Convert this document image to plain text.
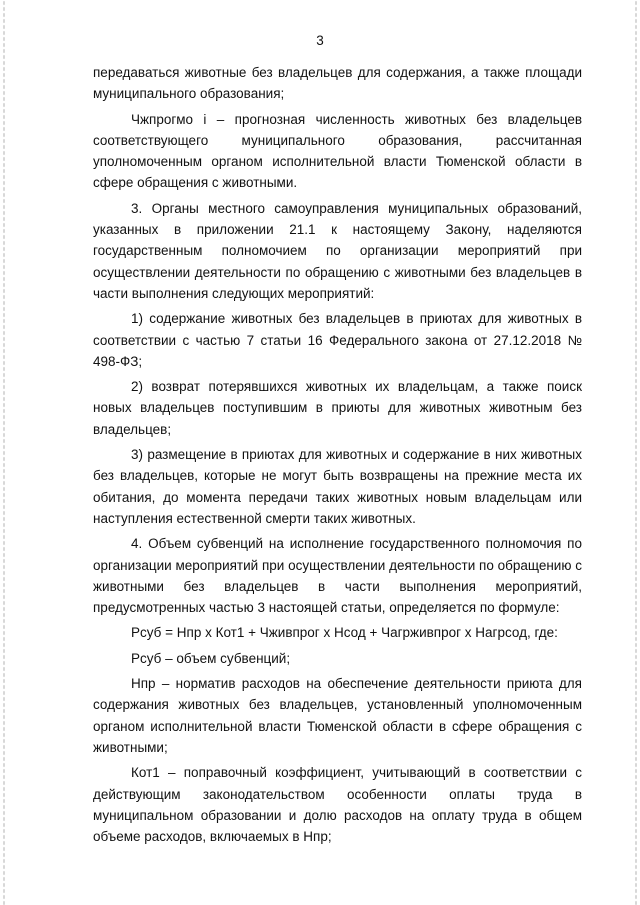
3

передаваться животные без владельцев для содержания, а также площади муниципального образования;

Чжпрогмо i – прогнозная численность животных без владельцев соответствующего муниципального образования, рассчитанная уполномоченным органом исполнительной власти Тюменской области в сфере обращения с животными.

3. Органы местного самоуправления муниципальных образований, указанных в приложении 21.1 к настоящему Закону, наделяются государственным полномочием по организации мероприятий при осуществлении деятельности по обращению с животными без владельцев в части выполнения следующих мероприятий:

1) содержание животных без владельцев в приютах для животных в соответствии с частью 7 статьи 16 Федерального закона от 27.12.2018 № 498-ФЗ;

2) возврат потерявшихся животных их владельцам, а также поиск новых владельцев поступившим в приюты для животных животным без владельцев;

3) размещение в приютах для животных и содержание в них животных без владельцев, которые не могут быть возвращены на прежние места их обитания, до момента передачи таких животных новым владельцам или наступления естественной смерти таких животных.

4. Объем субвенций на исполнение государственного полномочия по организации мероприятий при осуществлении деятельности по обращению с животными без владельцев в части выполнения мероприятий, предусмотренных частью 3 настоящей статьи, определяется по формуле:

Рсуб = Нпр x Кот1 + Чживпрог x Нсод + Чагрживпрог x Нагрсод, где:

Рсуб – объем субвенций;

Нпр – норматив расходов на обеспечение деятельности приюта для содержания животных без владельцев, установленный уполномоченным органом исполнительной власти Тюменской области в сфере обращения с животными;

Кот1 – поправочный коэффициент, учитывающий в соответствии с действующим законодательством особенности оплаты труда в муниципальном образовании и долю расходов на оплату труда в общем объеме расходов, включаемых в Нпр;
